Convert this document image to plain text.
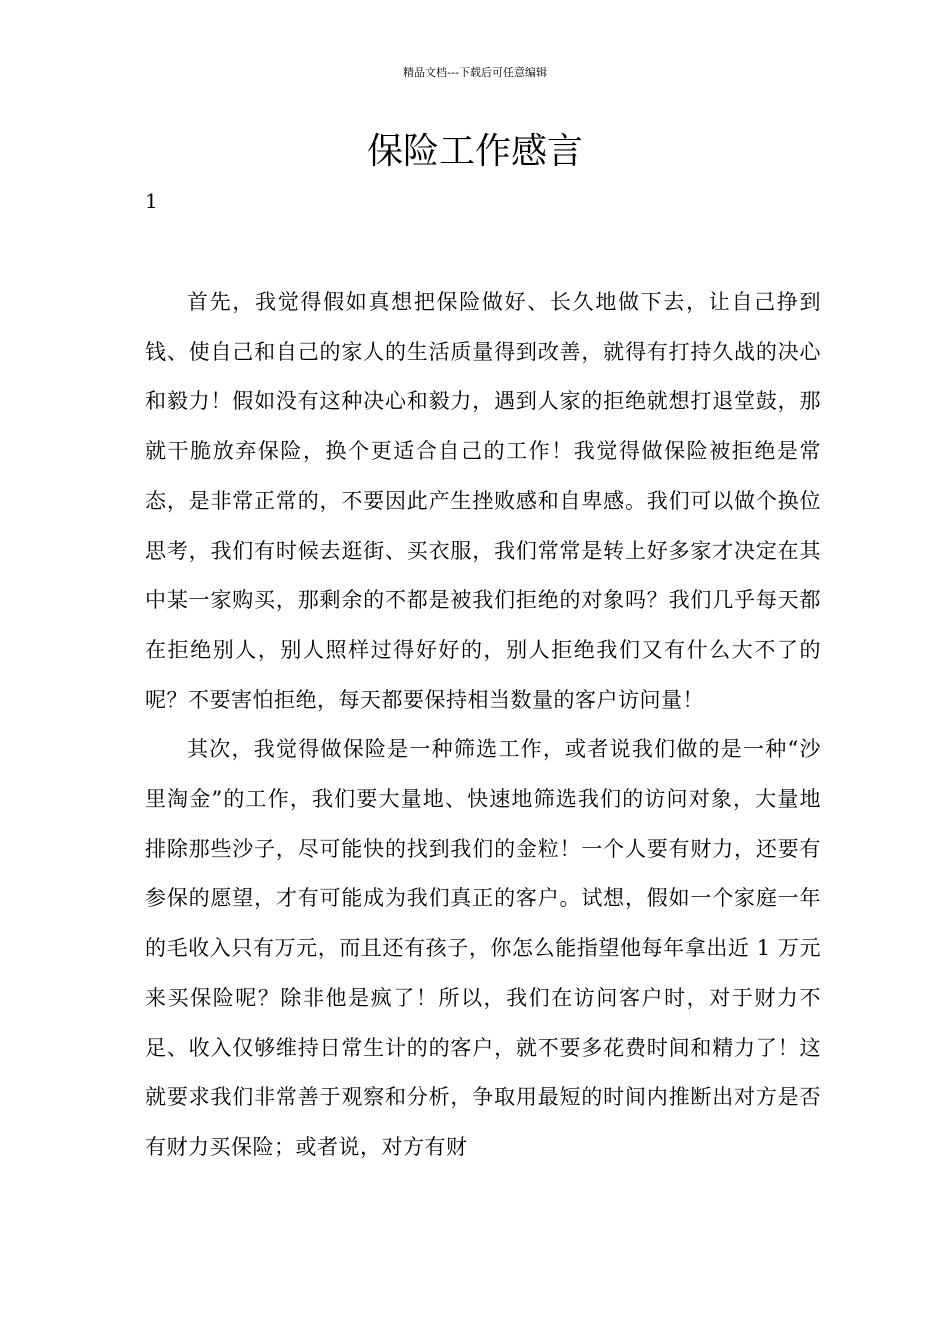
精品文档---下载后可任意编辑
保险工作感言
1

首先，我觉得假如真想把保险做好、长久地做下去，让自己挣到钱、使自己和自己的家人的生活质量得到改善，就得有打持久战的决心和毅力！假如没有这种决心和毅力，遇到人家的拒绝就想打退堂鼓，那就干脆放弃保险，换个更适合自己的工作！我觉得做保险被拒绝是常态，是非常正常的，不要因此产生挫败感和自卑感。我们可以做个换位思考，我们有时候去逛街、买衣服，我们常常是转上好多家才决定在其中某一家购买，那剩余的不都是被我们拒绝的对象吗？我们几乎每天都在拒绝别人，别人照样过得好好的，别人拒绝我们又有什么大不了的呢？不要害怕拒绝，每天都要保持相当数量的客户访问量！

其次，我觉得做保险是一种筛选工作，或者说我们做的是一种“沙里淘金”的工作，我们要大量地、快速地筛选我们的访问对象，大量地排除那些沙子，尽可能快的找到我们的金粒！一个人要有财力，还要有参保的愿望，才有可能成为我们真正的客户。试想，假如一个家庭一年的毛收入只有万元，而且还有孩子，你怎么能指望他每年拿出近 1 万元来买保险呢？除非他是疯了！所以，我们在访问客户时，对于财力不足、收入仅够维持日常生计的的客户，就不要多花费时间和精力了！这就要求我们非常善于观察和分析，争取用最短的时间内推断出对方是否有财力买保险；或者说，对方有财
